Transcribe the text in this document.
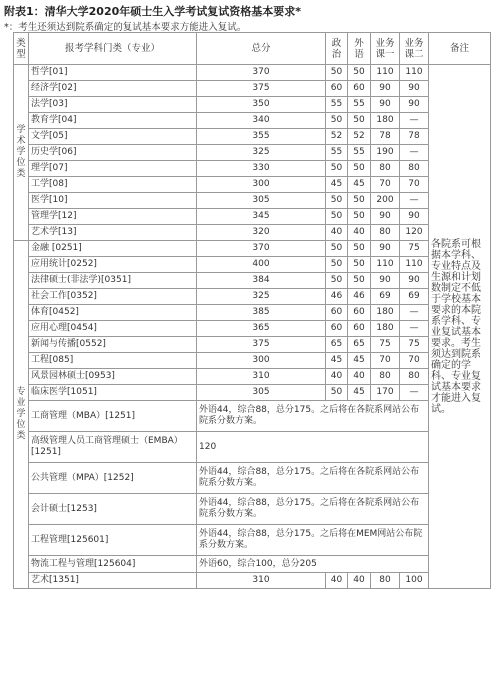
附表1：清华大学2020年硕士生入学考试复试资格基本要求*
*：考生还须达到院系确定的复试基本要求方能进入复试。
类型	报考学科门类（专业）	总分	政治	外语	业务课一	业务课二	备注

学
术
学
位
类	哲学[01]	370	50	50	110	110	各院系可根据本学科、专业特点及生源和计划数制定不低于学校基本要求的本院系学科、专业复试基本要求。考生须达到院系确定的学科、专业复试基本要求才能进入复试。
	经济学[02]	375	60	60	90	90	
	法学[03]	350	55	55	90	90	
	教育学[04]	340	50	50	180	—	
	文学[05]	355	52	52	78	78	
	历史学[06]	325	55	55	190	—	
	理学[07]	330	50	50	80	80	
	工学[08]	300	45	45	70	70	
	医学[10]	305	50	50	200	—	
	管理学[12]	345	50	50	90	90	
	艺术学[13]	320	40	40	80	120	

专
业
学
位
类	金融 [0251]	370	50	50	90	75	
	应用统计[0252]	400	50	50	110	110	
	法律硕士(非法学)[0351]	384	50	50	90	90	
	社会工作[0352]	325	46	46	69	69	
	体育[0452]	385	60	60	180	—	
	应用心理[0454]	365	60	60	180	—	
	新闻与传播[0552]	375	65	65	75	75	
	工程[085]	300	45	45	70	70	
	风景园林硕士[0953]	310	40	40	80	80	
	临床医学[1051]	305	50	45	170	—	
	工商管理（MBA）[1251]	外语44，综合88，总分175。之后将在各院系网站公布院系分数方案。					
	高级管理人员工商管理硕士（EMBA）[1251]	120					
	公共管理（MPA）[1252]	外语44，综合88，总分175。之后将在各院系网站公布院系分数方案。					
	会计硕士[1253]	外语44，综合88，总分175。之后将在各院系网站公布院系分数方案。					
	工程管理[125601]	外语44，综合88，总分175。之后将在MEM网站公布院系分数方案。					
	物流工程与管理[125604]	外语60，综合100，总分205					
	艺术[1351]	310	40	40	80	100	
